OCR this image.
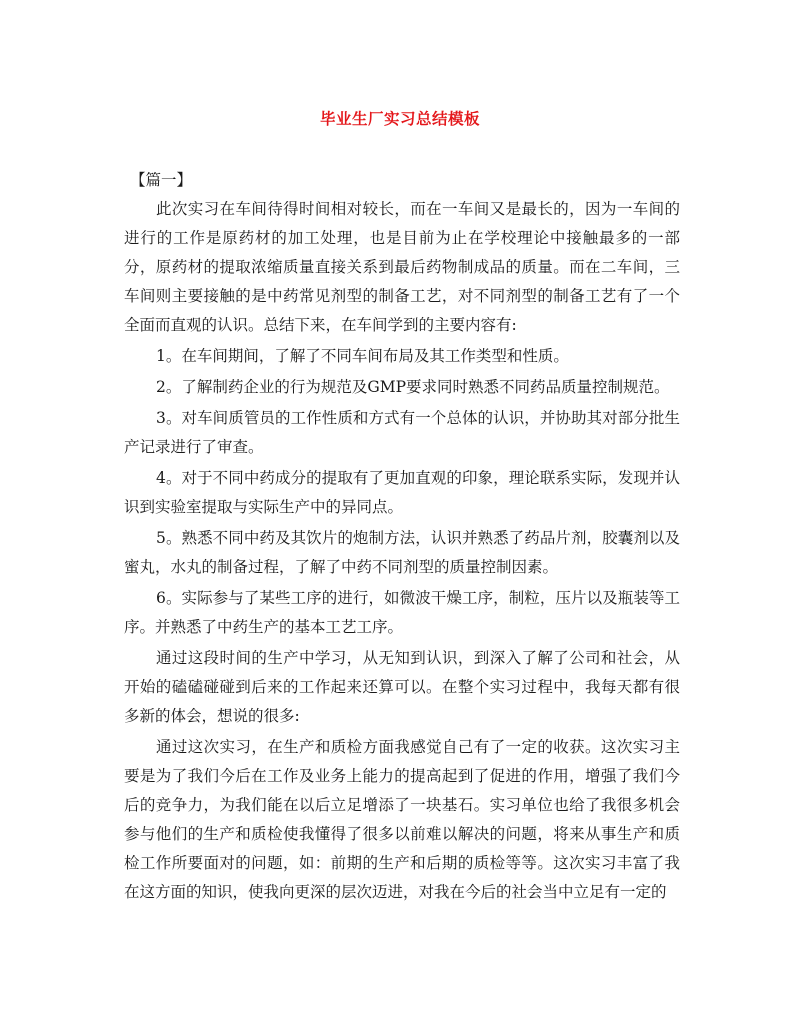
毕业生厂实习总结模板
【篇一】

此次实习在车间待得时间相对较长，而在一车间又是最长的，因为一车间的进行的工作是原药材的加工处理，也是目前为止在学校理论中接触最多的一部分，原药材的提取浓缩质量直接关系到最后药物制成品的质量。而在二车间，三车间则主要接触的是中药常见剂型的制备工艺，对不同剂型的制备工艺有了一个全面而直观的认识。总结下来，在车间学到的主要内容有:

1。在车间期间，了解了不同车间布局及其工作类型和性质。

2。了解制药企业的行为规范及GMP要求同时熟悉不同药品质量控制规范。

3。对车间质管员的工作性质和方式有一个总体的认识，并协助其对部分批生产记录进行了审查。

4。对于不同中药成分的提取有了更加直观的印象，理论联系实际，发现并认识到实验室提取与实际生产中的异同点。

5。熟悉不同中药及其饮片的炮制方法，认识并熟悉了药品片剂，胶囊剂以及蜜丸，水丸的制备过程，了解了中药不同剂型的质量控制因素。

6。实际参与了某些工序的进行，如微波干燥工序，制粒，压片以及瓶装等工序。并熟悉了中药生产的基本工艺工序。

通过这段时间的生产中学习，从无知到认识，到深入了解了公司和社会，从开始的磕磕碰碰到后来的工作起来还算可以。在整个实习过程中，我每天都有很多新的体会，想说的很多:

通过这次实习，在生产和质检方面我感觉自己有了一定的收获。这次实习主要是为了我们今后在工作及业务上能力的提高起到了促进的作用，增强了我们今后的竞争力，为我们能在以后立足增添了一块基石。实习单位也给了我很多机会参与他们的生产和质检使我懂得了很多以前难以解决的问题，将来从事生产和质检工作所要面对的问题，如：前期的生产和后期的质检等等。这次实习丰富了我在这方面的知识，使我向更深的层次迈进，对我在今后的社会当中立足有一定的
